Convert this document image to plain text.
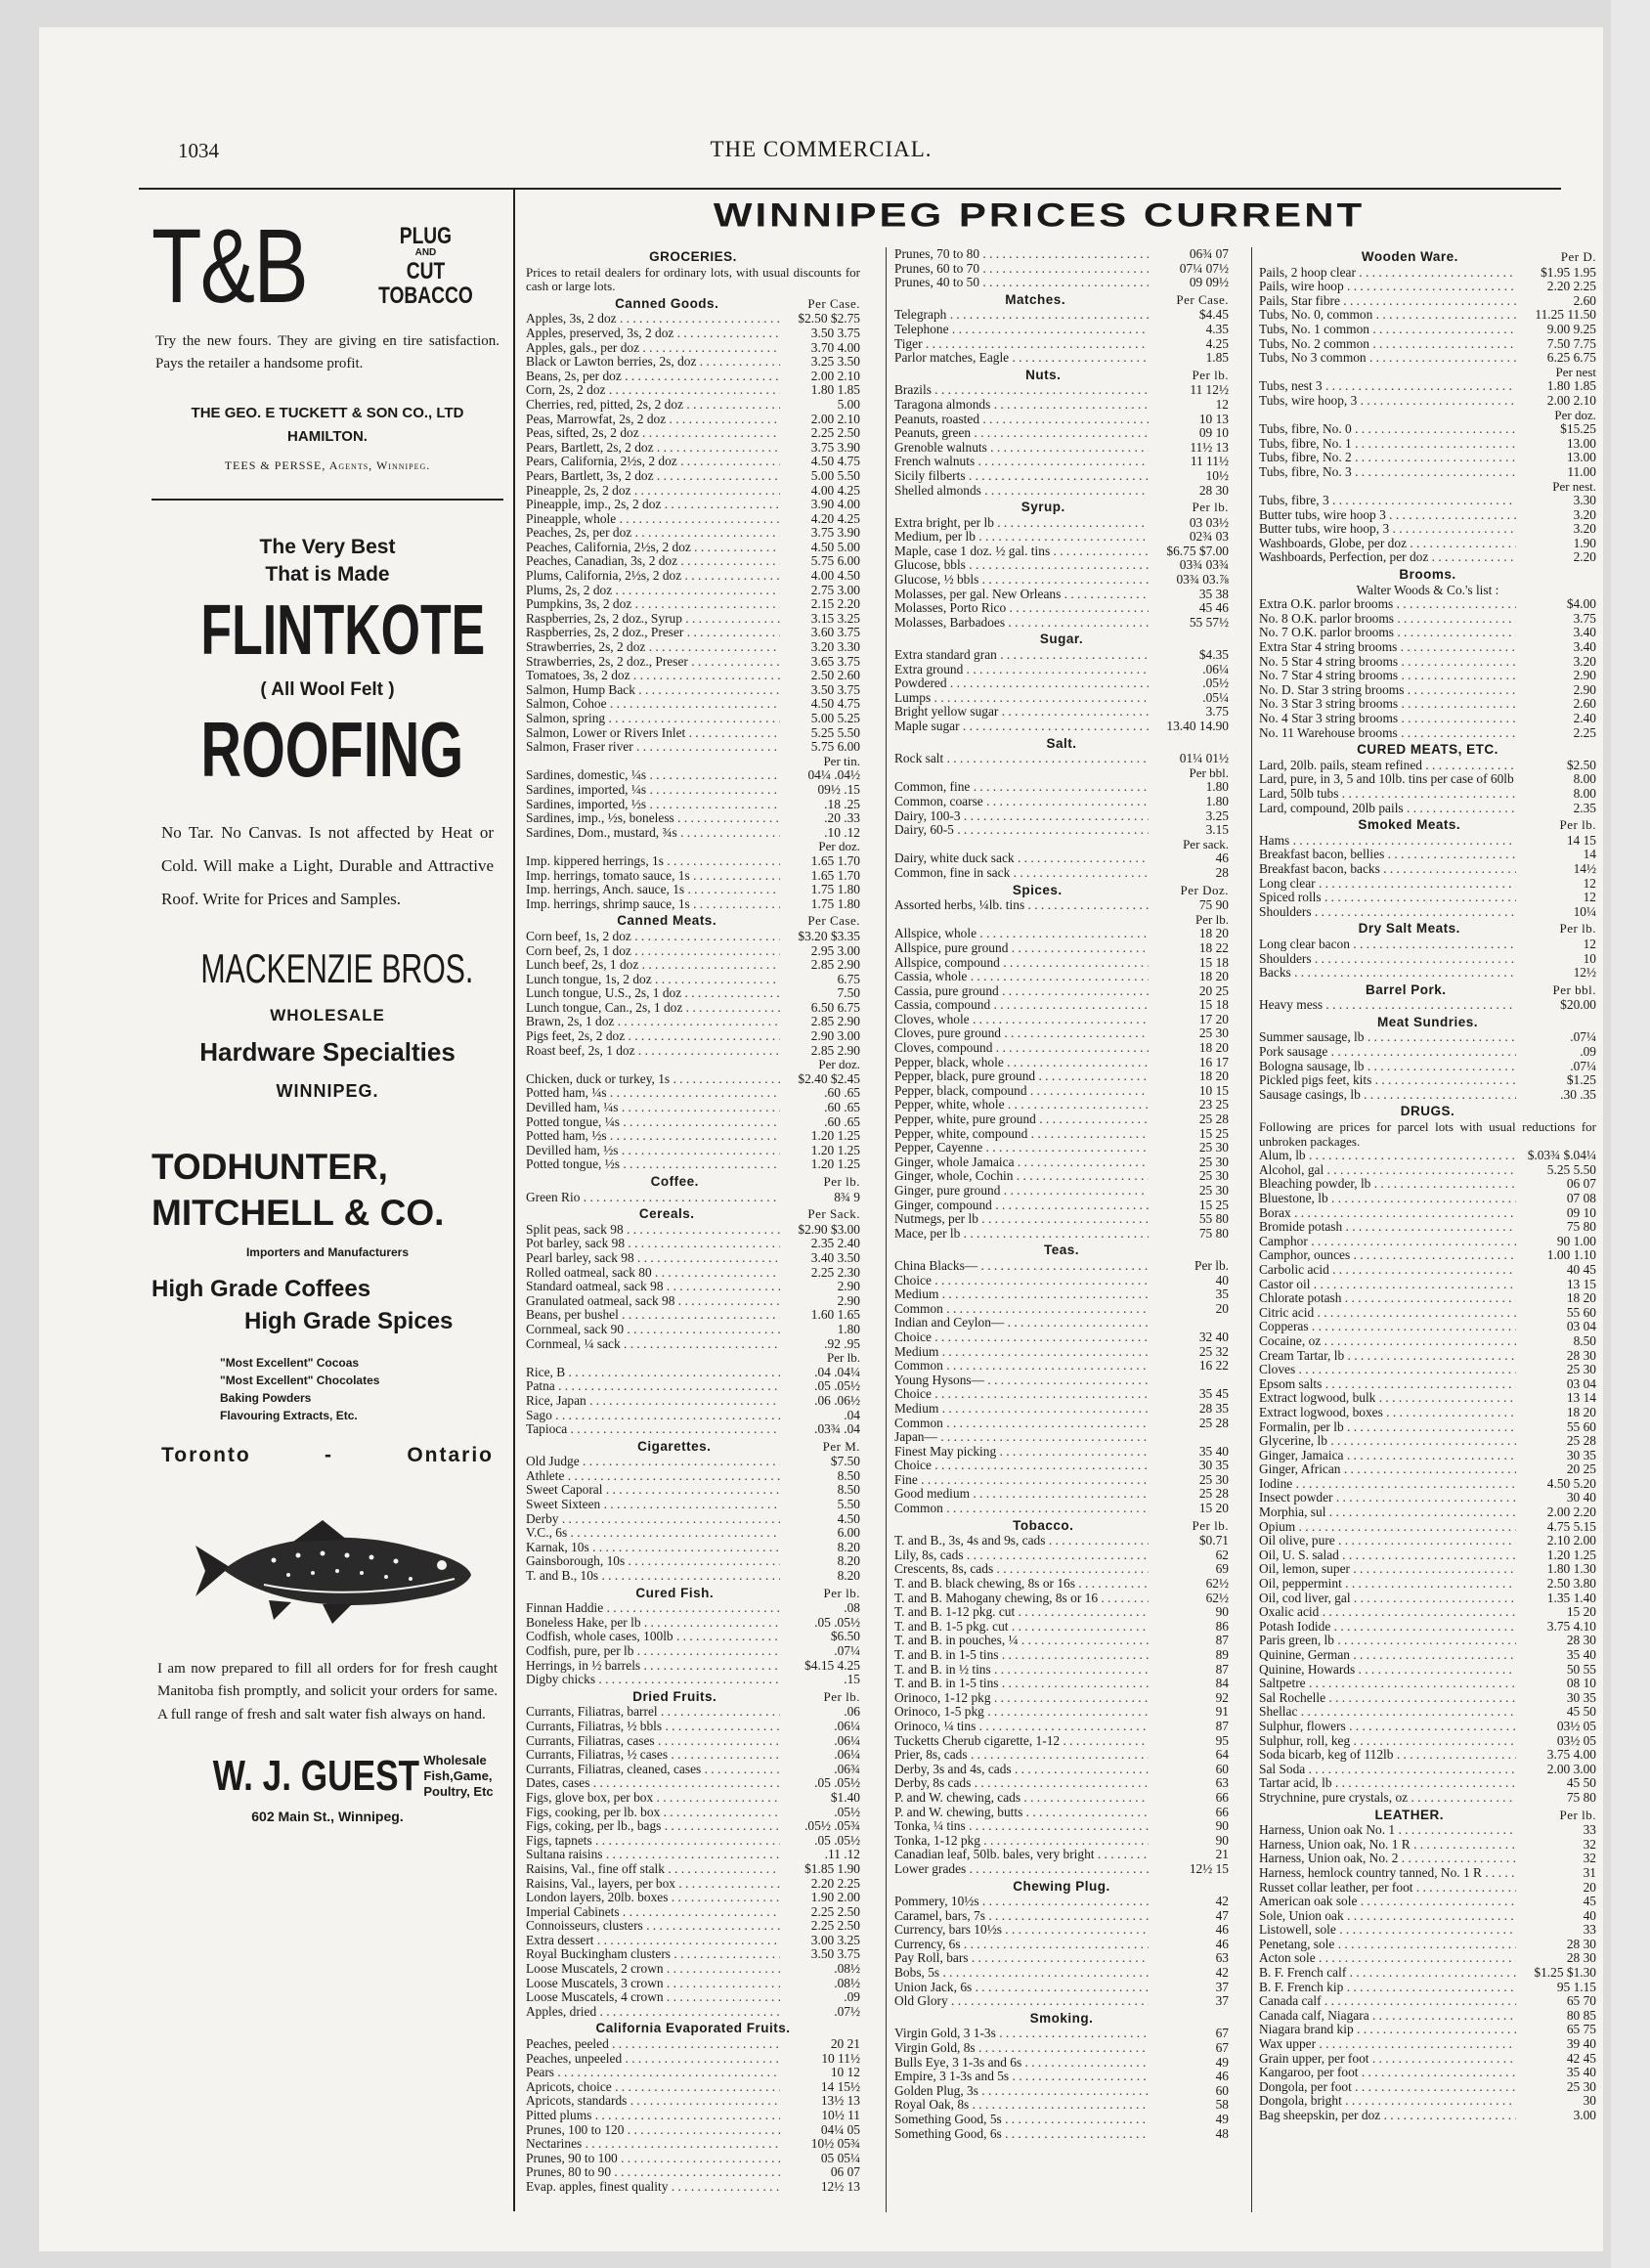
1034	THE COMMERCIAL.
T&B	PLUG
AND
CUT
TOBACCO
Try the new fours. They are giving en tire satisfaction. Pays the retailer a handsome profit.
THE GEO. E TUCKETT & SON CO., LTD
HAMILTON.
TEES & PERSSE, Agents, Winnipeg.
The Very Best
That is Made
FLINTKOTE
( All Wool Felt )
ROOFING
No Tar. No Canvas. Is not affected by Heat or Cold. Will make a Light, Durable and Attractive Roof. Write for Prices and Samples.
MACKENZIE BROS.
WHOLESALE
Hardware Specialties
WINNIPEG.
TODHUNTER,
MITCHELL & CO.
Importers and Manufacturers
High Grade Coffees
High Grade Spices
"Most Excellent" Cocoas
"Most Excellent" Chocolates
Baking Powders
Flavouring Extracts, Etc.
Toronto	-	Ontario
I am now prepared to fill all orders for for fresh caught Manitoba fish promptly, and solicit your orders for same. A full range of fresh and salt water fish always on hand.
W. J. GUEST Wholesale
Fish,Game,
Poultry, Etc
602 Main St., Winnipeg.
WINNIPEG PRICES CURRENT
GROCERIES.
Prices to retail dealers for ordinary lots, with usual discounts for cash or large lots.
Canned Goods.	Per Case.
Apples, 3s, 2 doz . . .	$2.50 $2.75
Apples, preserved, 3s, 2 doz . . .	3.50 3.75
Apples, gals., per doz . . .	3.70 4.00
Black or Lawton berries, 2s, doz . . .	3.25 3.50
Beans, 2s, per doz . . .	2.00 2.10
Corn, 2s, 2 doz . . .	1.80 1.85
Cherries, red, pitted, 2s, 2 doz . . .	5.00
Peas, Marrowfat, 2s, 2 doz . . .	2.00 2.10
Peas, sifted, 2s, 2 doz . . .	2.25 2.50
Pears, Bartlett, 2s, 2 doz . . .	3.75 3.90
Pears, California, 2½s, 2 doz . . .	4.50 4.75
Pears, Bartlett, 3s, 2 doz . . .	5.00 5.50
Pineapple, 2s, 2 doz . . .	4.00 4.25
Pineapple, imp., 2s, 2 doz . . .	3.90 4.00
Pineapple, whole . . .	4.20 4.25
Peaches, 2s, per doz . . .	3.75 3.90
Peaches, California, 2½s, 2 doz . . .	4.50 5.00
Peaches, Canadian, 3s, 2 doz . . .	5.75 6.00
Plums, California, 2½s, 2 doz . . .	4.00 4.50
Plums, 2s, 2 doz . . .	2.75 3.00
Pumpkins, 3s, 2 doz . . .	2.15 2.20
Raspberries, 2s, 2 doz., Syrup . . .	3.15 3.25
Raspberries, 2s, 2 doz., Preser . . .	3.60 3.75
Strawberries, 2s, 2 doz . . .	3.20 3.30
Strawberries, 2s, 2 doz., Preser . . .	3.65 3.75
Tomatoes, 3s, 2 doz . . .	2.50 2.60
Salmon, Hump Back . . .	3.50 3.75
Salmon, Cohoe . . .	4.50 4.75
Salmon, spring . . .	5.00 5.25
Salmon, Lower or Rivers Inlet . . .	5.25 5.50
Salmon, Fraser river . . .	5.75 6.00
Per tin.
Sardines, domestic, ¼s . . .	04¼ .04½
Sardines, imported, ¼s . . .	09½ .15
Sardines, imported, ½s . . .	.18 .25
Sardines, imp., ½s, boneless . . .	.20 .33
Sardines, Dom., mustard, ¾s . . .	.10 .12
Per doz.
Imp. kippered herrings, 1s . . .	1.65 1.70
Imp. herrings, tomato sauce, 1s . . .	1.65 1.70
Imp. herrings, Anch. sauce, 1s . . .	1.75 1.80
Imp. herrings, shrimp sauce, 1s . . .	1.75 1.80
Canned Meats.	Per Case.
Corn beef, 1s, 2 doz . . .	$3.20 $3.35
Corn beef, 2s, 1 doz . . .	2.95 3.00
Lunch beef, 2s, 1 doz . . .	2.85 2.90
Lunch tongue, 1s, 2 doz . . .	6.75
Lunch tongue, U.S., 2s, 1 doz . . .	7.50
Lunch tongue, Can., 2s, 1 doz . . .	6.50 6.75
Brawn, 2s, 1 doz . . .	2.85 2.90
Pigs feet, 2s, 2 doz . . .	2.90 3.00
Roast beef, 2s, 1 doz . . .	2.85 2.90
Per doz.
Chicken, duck or turkey, 1s . . .	$2.40 $2.45
Potted ham, ¼s . . .	.60 .65
Devilled ham, ¼s . . .	.60 .65
Potted tongue, ¼s . . .	.60 .65
Potted ham, ½s . . .	1.20 1.25
Devilled ham, ½s . . .	1.20 1.25
Potted tongue, ½s . . .	1.20 1.25
Coffee.	Per lb.
Green Rio . . .	8¾ 9
Cereals.	Per Sack.
Split peas, sack 98 . . .	$2.90 $3.00
Pot barley, sack 98 . . .	2.35 2.40
Pearl barley, sack 98 . . .	3.40 3.50
Rolled oatmeal, sack 80 . . .	2.25 2.30
Standard oatmeal, sack 98 . . .	2.90
Granulated oatmeal, sack 98 . . .	2.90
Beans, per bushel . . .	1.60 1.65
Cornmeal, sack 90 . . .	1.80
Cornmeal, ¼ sack . . .	.92 .95
Per lb.
Rice, B . . .	.04 .04¼
Patna . . .	.05 .05½
Rice, Japan . . .	.06 .06½
Sago . . .	.04
Tapioca . . .	.03¾ .04
Cigarettes.	Per M.
Old Judge . . .	$7.50
Athlete . . .	8.50
Sweet Caporal . . .	8.50
Sweet Sixteen . . .	5.50
Derby . . .	4.50
V.C., 6s . . .	6.00
Karnak, 10s . . .	8.20
Gainsborough, 10s . . .	8.20
T. and B., 10s . . .	8.20
Cured Fish.	Per lb.
Finnan Haddie . . .	.08
Boneless Hake, per lb . . .	.05 .05½
Codfish, whole cases, 100lb . . .	$6.50
Codfish, pure, per lb . . .	.07¼
Herrings, in ½ barrels . . .	$4.15 4.25
Digby chicks . . .	.15
Dried Fruits.	Per lb.
Currants, Filiatras, barrel . . .	.06
Currants, Filiatras, ½ bbls . . .	.06¼
Currants, Filiatras, cases . . .	.06¼
Currants, Filiatras, ½ cases . . .	.06¼
Currants, Filiatras, cleaned, cases . . .	.06¾
Dates, cases . . .	.05 .05½
Figs, glove box, per box . . .	$1.40
Figs, cooking, per lb. box . . .	.05½
Figs, coking, per lb., bags . . .	.05½ .05¾
Figs, tapnets . . .	.05 .05½
Sultana raisins . . .	.11 .12
Raisins, Val., fine off stalk . . .	$1.85 1.90
Raisins, Val., layers, per box . . .	2.20 2.25
London layers, 20lb. boxes . . .	1.90 2.00
Imperial Cabinets . . .	2.25 2.50
Connoisseurs, clusters . . .	2.25 2.50
Extra dessert . . .	3.00 3.25
Royal Buckingham clusters . . .	3.50 3.75
Loose Muscatels, 2 crown . . .	.08½
Loose Muscatels, 3 crown . . .	.08½
Loose Muscatels, 4 crown . . .	.09
Apples, dried . . .	.07½
California Evaporated Fruits.
Peaches, peeled . . .	20 21
Peaches, unpeeled . . .	10 11½
Pears . . .	10 12
Apricots, choice . . .	14 15½
Apricots, standards . . .	13½ 13
Pitted plums . . .	10½ 11
Prunes, 100 to 120 . . .	04¼ 05
Nectarines . . .	10½ 05¾
Prunes, 90 to 100 . . .	05 05¼
Prunes, 80 to 90 . . .	06 07
Evap. apples, finest quality . . .	12½ 13
Prunes, 70 to 80 . . .	06¾ 07
Prunes, 60 to 70 . . .	07¼ 07½
Prunes, 40 to 50 . . .	09 09½
Matches.	Per Case.
Telegraph . . .	$4.45
Telephone . . .	4.35
Tiger . . .	4.25
Parlor matches, Eagle . . .	1.85
Nuts.	Per lb.
Brazils . . .	11 12½
Taragona almonds . . .	12
Peanuts, roasted . . .	10 13
Peanuts, green . . .	09 10
Grenoble walnuts . . .	11½ 13
French walnuts . . .	11 11½
Sicily filberts . . .	10½
Shelled almonds . . .	28 30
Syrup.	Per lb.
Extra bright, per lb . . .	03 03½
Medium, per lb . . .	02¾ 03
Maple, case 1 doz. ½ gal. tins . . .	$6.75 $7.00
Glucose, bbls . . .	03¾ 03¾
Glucose, ½ bbls . . .	03¾ 03.⅞
Molasses, per gal. New Orleans . . .	35 38
Molasses, Porto Rico . . .	45 46
Molasses, Barbadoes . . .	55 57½
Sugar.
Extra standard gran . . .	$4.35
Extra ground . . .	.06¼
Powdered . . .	.05½
Lumps . . .	.05¼
Bright yellow sugar . . .	3.75
Maple sugar . . .	13.40 14.90
Salt.
Rock salt . . .	01¼ 01½
Per bbl.
Common, fine . . .	1.80
Common, coarse . . .	1.80
Dairy, 100-3 . . .	3.25
Dairy, 60-5 . . .	3.15
Per sack.
Dairy, white duck sack . . .	46
Common, fine in sack . . .	28
Spices.	Per Doz.
Assorted herbs, ¼lb. tins . . .	75 90
Per lb.
Allspice, whole . . .	18 20
Allspice, pure ground . . .	18 22
Allspice, compound . . .	15 18
Cassia, whole . . .	18 20
Cassia, pure ground . . .	20 25
Cassia, compound . . .	15 18
Cloves, whole . . .	17 20
Cloves, pure ground . . .	25 30
Cloves, compound . . .	18 20
Pepper, black, whole . . .	16 17
Pepper, black, pure ground . . .	18 20
Pepper, black, compound . . .	10 15
Pepper, white, whole . . .	23 25
Pepper, white, pure ground . . .	25 28
Pepper, white, compound . . .	15 25
Pepper, Cayenne . . .	25 30
Ginger, whole Jamaica . . .	25 30
Ginger, whole, Cochin . . .	25 30
Ginger, pure ground . . .	25 30
Ginger, compound . . .	15 25
Nutmegs, per lb . . .	55 80
Mace, per lb . . .	75 80
Teas.
China Blacks— . . .	Per lb.
Choice . . .	40
Medium . . .	35
Common . . .	20
Indian and Ceylon— . . .
Choice . . .	32 40
Medium . . .	25 32
Common . . .	16 22
Young Hysons— . . .
Choice . . .	35 45
Medium . . .	28 35
Common . . .	25 28
Japan— . . .
Finest May picking . . .	35 40
Choice . . .	30 35
Fine . . .	25 30
Good medium . . .	25 28
Common . . .	15 20
Tobacco.	Per lb.
T. and B., 3s, 4s and 9s, cads . . .	$0.71
Lily, 8s, cads . . .	62
Crescents, 8s, cads . . .	69
T. and B. black chewing, 8s or 16s . . .	62½
T. and B. Mahogany chewing, 8s or 16 . . .	62½
T. and B. 1-12 pkg. cut . . .	90
T. and B. 1-5 pkg. cut . . .	86
T. and B. in pouches, ¼ . . .	87
T. and B. in 1-5 tins . . .	89
T. and B. in ½ tins . . .	87
T. and B. in 1-5 tins . . .	84
Orinoco, 1-12 pkg . . .	92
Orinoco, 1-5 pkg . . .	91
Orinoco, ¼ tins . . .	87
Tucketts Cherub cigarette, 1-12 . . .	95
Prier, 8s, cads . . .	64
Derby, 3s and 4s, cads . . .	60
Derby, 8s cads . . .	63
P. and W. chewing, cads . . .	66
P. and W. chewing, butts . . .	66
Tonka, ¼ tins . . .	90
Tonka, 1-12 pkg . . .	90
Canadian leaf, 50lb. bales, very bright . . .	21
Lower grades . . .	12½ 15
Chewing Plug.
Pommery, 10½s . . .	42
Caramel, bars, 7s . . .	47
Currency, bars 10½s . . .	46
Currency, 6s . . .	46
Pay Roll, bars . . .	63
Bobs, 5s . . .	42
Union Jack, 6s . . .	37
Old Glory . . .	37
Smoking.
Virgin Gold, 3 1-3s . . .	67
Virgin Gold, 8s . . .	67
Bulls Eye, 3 1-3s and 6s . . .	49
Empire, 3 1-3s and 5s . . .	46
Golden Plug, 3s . . .	60
Royal Oak, 8s . . .	58
Something Good, 5s . . .	49
Something Good, 6s . . .	48
Wooden Ware.	Per D.
Pails, 2 hoop clear . . .	$1.95 1.95
Pails, wire hoop . . .	2.20 2.25
Pails, Star fibre . . .	2.60
Tubs, No. 0, common . . .	11.25 11.50
Tubs, No. 1 common . . .	9.00 9.25
Tubs, No. 2 common . . .	7.50 7.75
Tubs, No 3 common . . .	6.25 6.75
Per nest
Tubs, nest 3 . . .	1.80 1.85
Tubs, wire hoop, 3 . . .	2.00 2.10
Per doz.
Tubs, fibre, No. 0 . . .	$15.25
Tubs, fibre, No. 1 . . .	13.00
Tubs, fibre, No. 2 . . .	13.00
Tubs, fibre, No. 3 . . .	11.00
Per nest.
Tubs, fibre, 3 . . .	3.30
Butter tubs, wire hoop 3 . . .	3.20
Butter tubs, wire hoop, 3 . . .	3.20
Washboards, Globe, per doz . . .	1.90
Washboards, Perfection, per doz . . .	2.20
Brooms.
Walter Woods & Co.'s list :
Extra O.K. parlor brooms . . .	$4.00
No. 8 O.K. parlor brooms . . .	3.75
No. 7 O.K. parlor brooms . . .	3.40
Extra Star 4 string brooms . . .	3.40
No. 5 Star 4 string brooms . . .	3.20
No. 7 Star 4 string brooms . . .	2.90
No. D. Star 3 string brooms . . .	2.90
No. 3 Star 3 string brooms . . .	2.60
No. 4 Star 3 string brooms . . .	2.40
No. 11 Warehouse brooms . . .	2.25
CURED MEATS, ETC.
Lard, 20lb. pails, steam refined . . .	$2.50
Lard, pure, in 3, 5 and 10lb. tins per case of 60lb . . .	8.00
Lard, 50lb tubs . . .	8.00
Lard, compound, 20lb pails . . .	2.35
Smoked Meats.	Per lb.
Hams . . .	14 15
Breakfast bacon, bellies . . .	14
Breakfast bacon, backs . . .	14½
Long clear . . .	12
Spiced rolls . . .	12
Shoulders . . .	10¼
Dry Salt Meats.	Per lb.
Long clear bacon . . .	12
Shoulders . . .	10
Backs . . .	12½
Barrel Pork.	Per bbl.
Heavy mess . . .	$20.00
Meat Sundries.
Summer sausage, lb . . .	.07¼
Pork sausage . . .	.09
Bologna sausage, lb . . .	.07¼
Pickled pigs feet, kits . . .	$1.25
Sausage casings, lb . . .	.30 .35
DRUGS.
Following are prices for parcel lots with usual reductions for unbroken packages.
Alum, lb . . .	$.03¾ $.04¼
Alcohol, gal . . .	5.25 5.50
Bleaching powder, lb . . .	06 07
Bluestone, lb . . .	07 08
Borax . . .	09 10
Bromide potash . . .	75 80
Camphor . . .	90 1.00
Camphor, ounces . . .	1.00 1.10
Carbolic acid . . .	40 45
Castor oil . . .	13 15
Chlorate potash . . .	18 20
Citric acid . . .	55 60
Copperas . . .	03 04
Cocaine, oz . . .	8.50
Cream Tartar, lb . . .	28 30
Cloves . . .	25 30
Epsom salts . . .	03 04
Extract logwood, bulk . . .	13 14
Extract logwood, boxes . . .	18 20
Formalin, per lb . . .	55 60
Glycerine, lb . . .	25 28
Ginger, Jamaica . . .	30 35
Ginger, African . . .	20 25
Iodine . . .	4.50 5.20
Insect powder . . .	30 40
Morphia, sul . . .	2.00 2.20
Opium . . .	4.75 5.15
Oil olive, pure . . .	2.10 2.00
Oil, U. S. salad . . .	1.20 1.25
Oil, lemon, super . . .	1.80 1.30
Oil, peppermint . . .	2.50 3.80
Oil, cod liver, gal . . .	1.35 1.40
Oxalic acid . . .	15 20
Potash Iodide . . .	3.75 4.10
Paris green, lb . . .	28 30
Quinine, German . . .	35 40
Quinine, Howards . . .	50 55
Saltpetre . . .	08 10
Sal Rochelle . . .	30 35
Shellac . . .	45 50
Sulphur, flowers . . .	03½ 05
Sulphur, roll, keg . . .	03½ 05
Soda bicarb, keg of 112lb . . .	3.75 4.00
Sal Soda . . .	2.00 3.00
Tartar acid, lb . . .	45 50
Strychnine, pure crystals, oz . . .	75 80
LEATHER.	Per lb.
Harness, Union oak No. 1 . . .	33
Harness, Union oak, No. 1 R . . .	32
Harness, Union oak, No. 2 . . .	32
Harness, hemlock country tanned, No. 1 R . . .	31
Russet collar leather, per foot . . .	20
American oak sole . . .	45
Sole, Union oak . . .	40
Listowell, sole . . .	33
Penetang, sole . . .	28 30
Acton sole . . .	28 30
B. F. French calf . . .	$1.25 $1.30
B. F. French kip . . .	95 1.15
Canada calf . . .	65 70
Canada calf, Niagara . . .	80 85
Niagara brand kip . . .	65 75
Wax upper . . .	39 40
Grain upper, per foot . . .	42 45
Kangaroo, per foot . . .	35 40
Dongola, per foot . . .	25 30
Dongola, bright . . .	30
Bag sheepskin, per doz . . .	3.00
